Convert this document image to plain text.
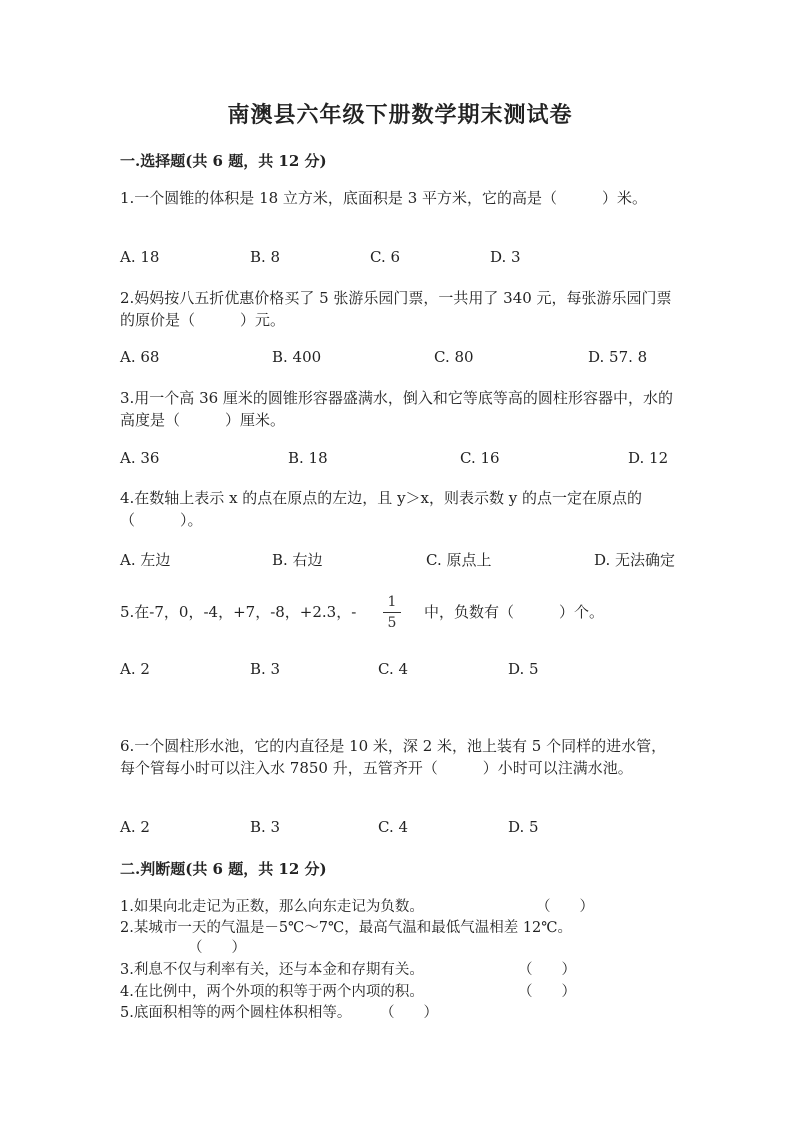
南澳县六年级下册数学期末测试卷
一.选择题(共 6 题，共 12 分)
1.一个圆锥的体积是 18 立方米，底面积是 3 平方米，它的高是（　　　）米。
A. 18	B. 8	C. 6	D. 3
2.妈妈按八五折优惠价格买了 5 张游乐园门票，一共用了 340 元，每张游乐园门票的原价是（　　　）元。
A. 68	B. 400	C. 80	D. 57. 8
3.用一个高 36 厘米的圆锥形容器盛满水，倒入和它等底等高的圆柱形容器中，水的高度是（　　　）厘米。
A. 36	B. 18	C. 16	D. 12
4.在数轴上表示 x 的点在原点的左边，且 y＞x，则表示数 y 的点一定在原点的（　　　）。
A. 左边	B. 右边	C. 原点上	D. 无法确定
5.在-7，0，-4，+7，-8，+2.3，-
1
5
中，负数有（　　　）个。
A. 2	B. 3	C. 4	D. 5
6.一个圆柱形水池，它的内直径是 10 米，深 2 米，池上装有 5 个同样的进水管，每个管每小时可以注入水 7850 升，五管齐开（　　　）小时可以注满水池。
A. 2	B. 3	C. 4	D. 5
二.判断题(共 6 题，共 12 分)
1.如果向北走记为正数，那么向东走记为负数。	（　　）
2.某城市一天的气温是－5℃～7℃，最高气温和最低气温相差 12℃。
（　　）
3.利息不仅与利率有关，还与本金和存期有关。	（　　）
4.在比例中，两个外项的积等于两个内项的积。	（　　）
5.底面积相等的两个圆柱体积相等。 （　　）
